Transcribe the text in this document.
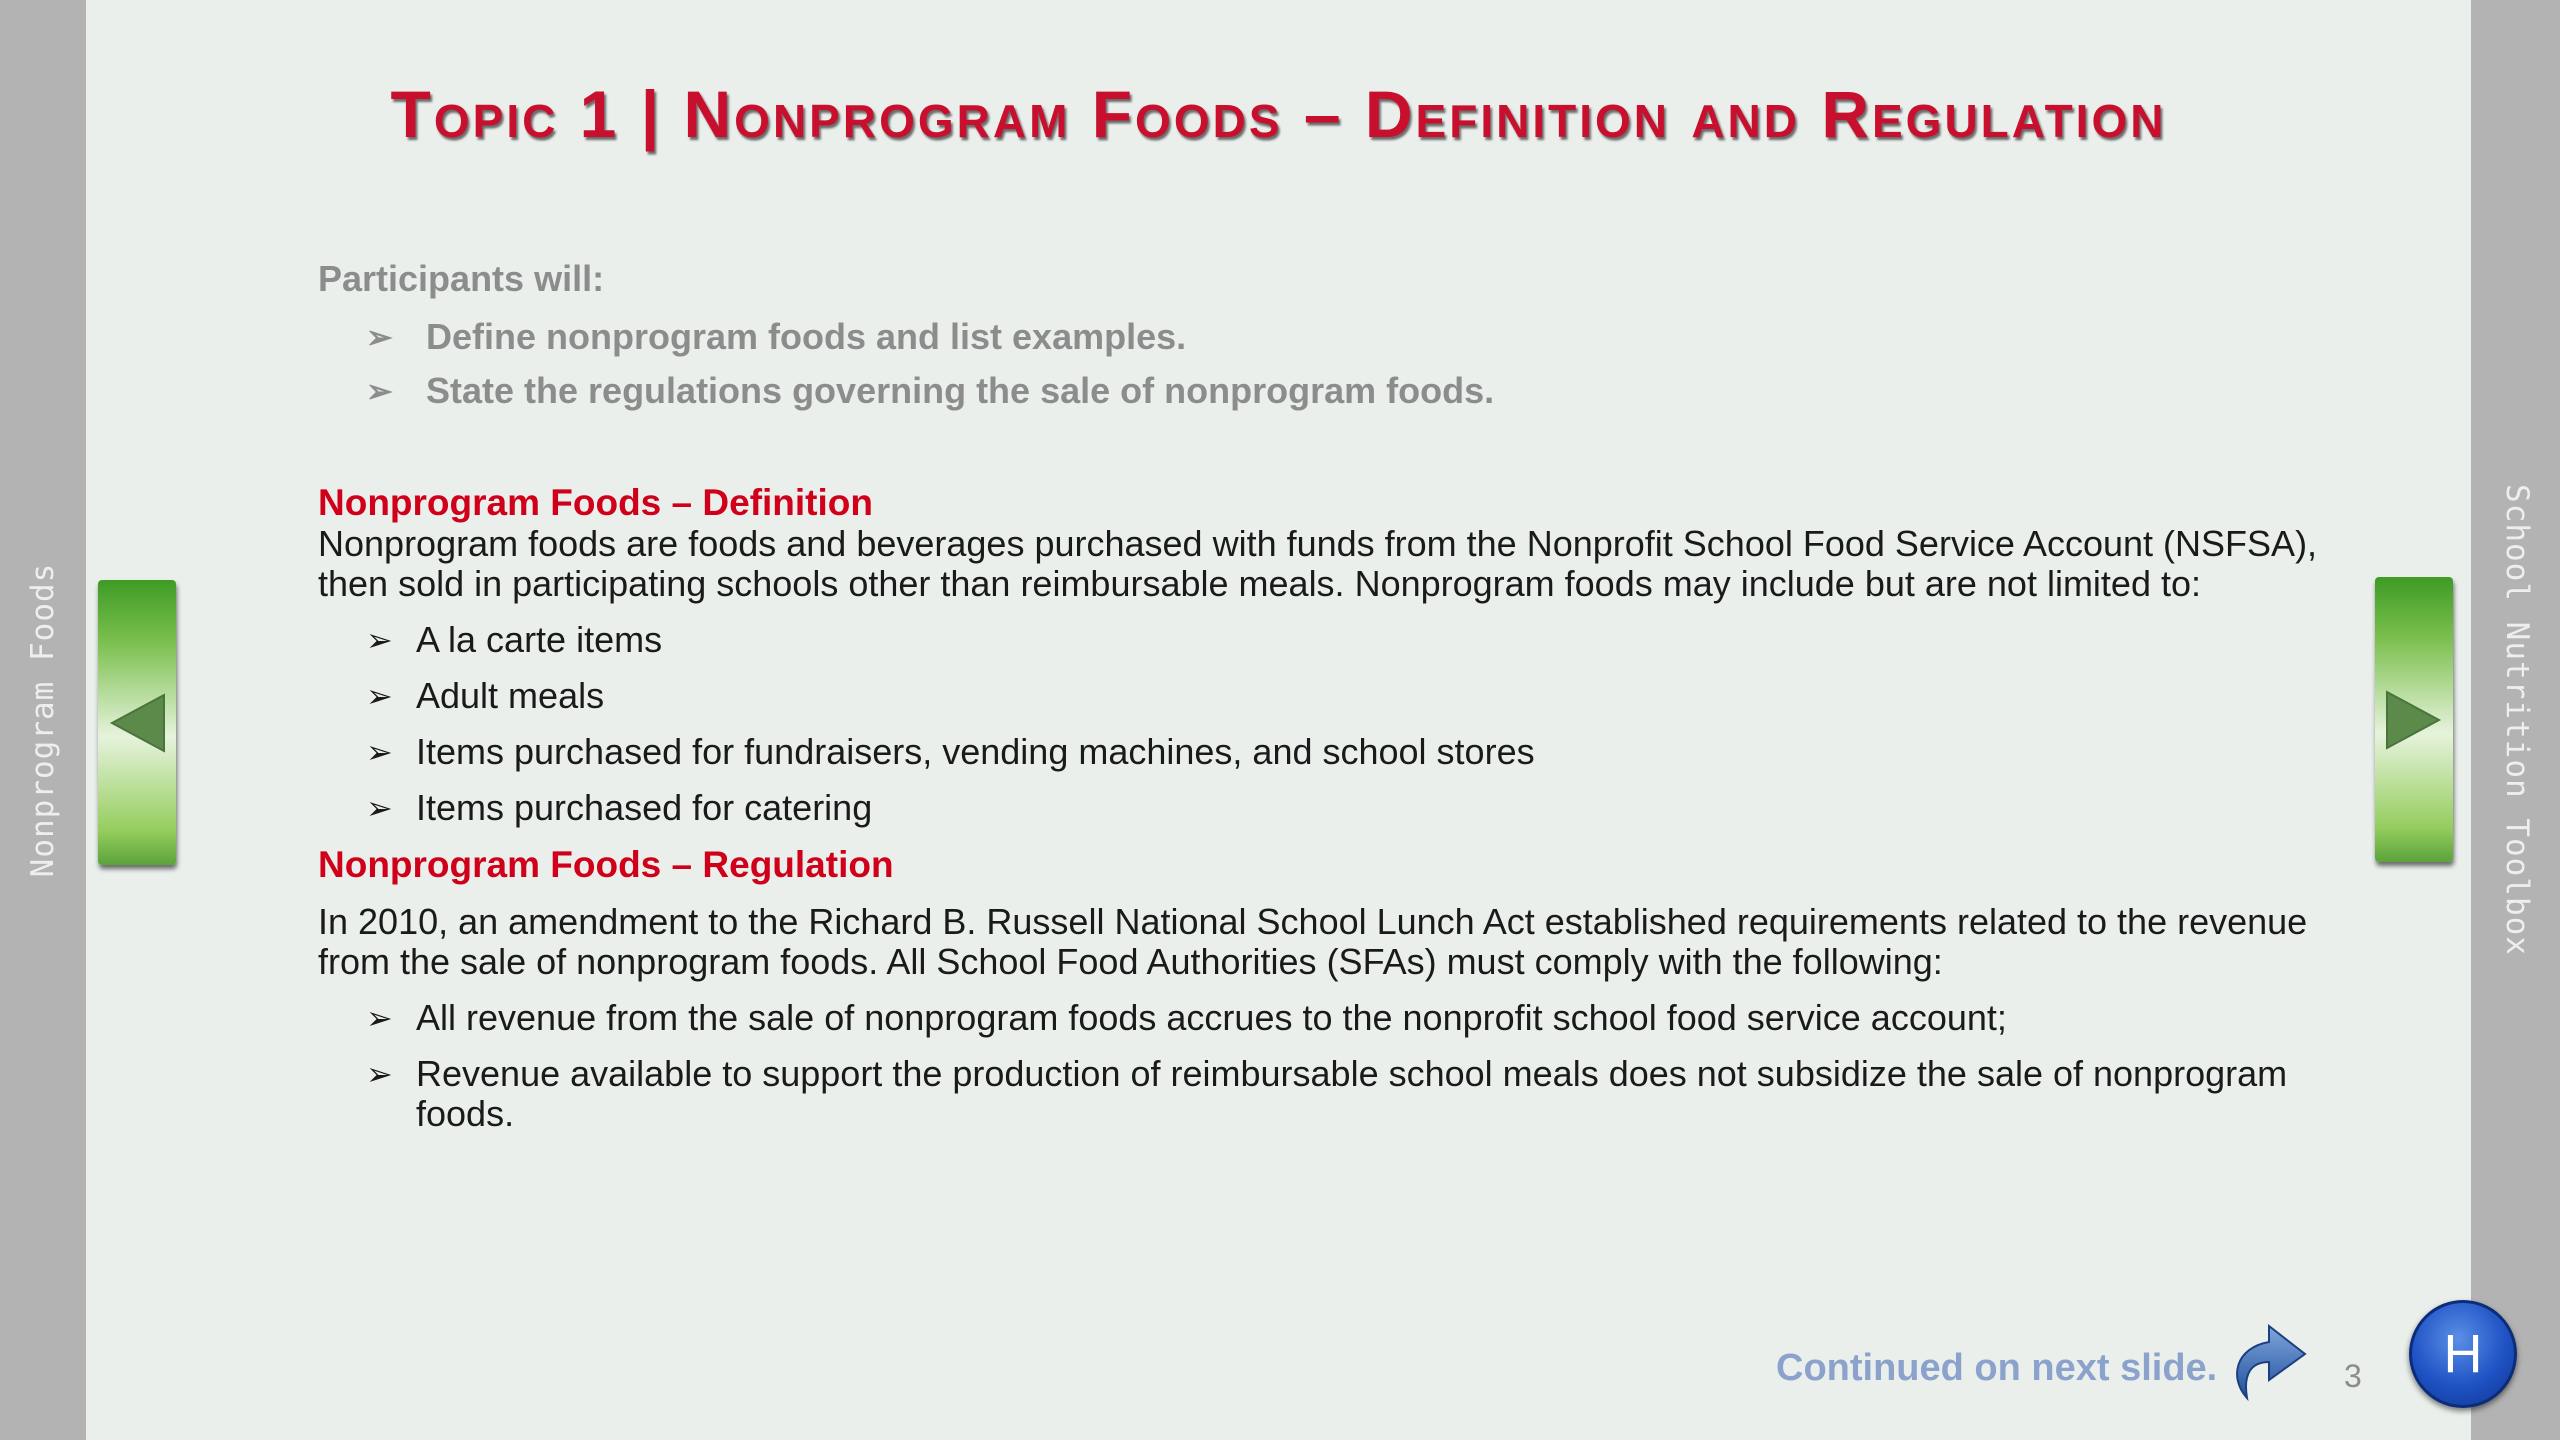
Nonprogram Foods	School Nutrition Toolbox
Topic 1 | Nonprogram Foods – Definition and Regulation

Participants will:

➢ Define nonprogram foods and list examples.
➢ State the regulations governing the sale of nonprogram foods.

Nonprogram Foods – Definition

Nonprogram foods are foods and beverages purchased with funds from the Nonprofit School Food Service Account (NSFSA), then sold in participating schools other than reimbursable meals. Nonprogram foods may include but are not limited to:

➢ A la carte items
➢ Adult meals
➢ Items purchased for fundraisers, vending machines, and school stores
➢ Items purchased for catering

Nonprogram Foods – Regulation

In 2010, an amendment to the Richard B. Russell National School Lunch Act established requirements related to the revenue from the sale of nonprogram foods. All School Food Authorities (SFAs) must comply with the following:

➢ All revenue from the sale of nonprogram foods accrues to the nonprofit school food service account;
➢ Revenue available to support the production of reimbursable school meals does not subsidize the sale of nonprogram foods.
Continued on next slide.	3	H
